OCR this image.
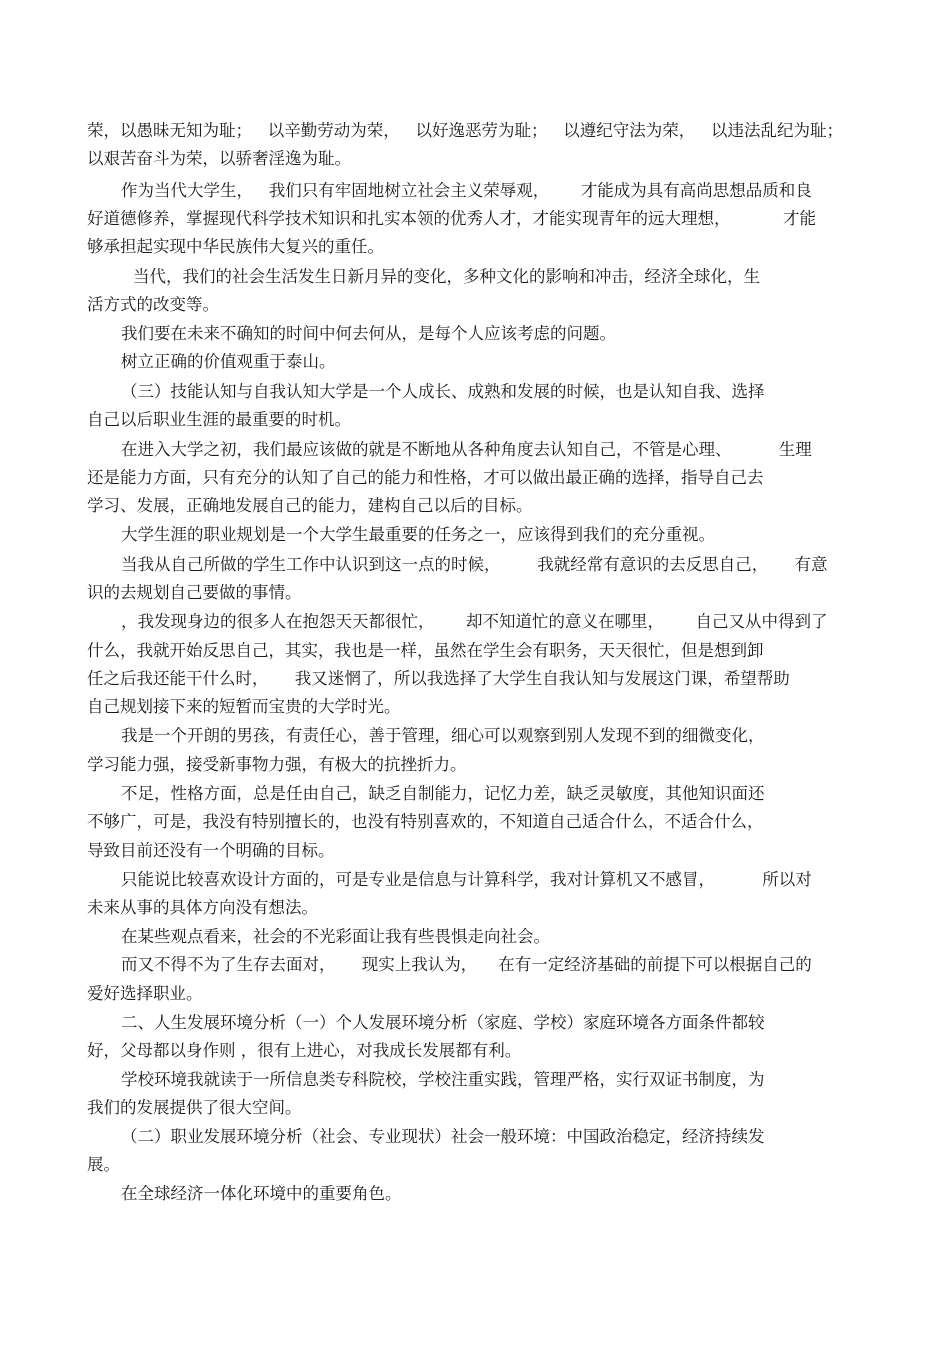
荣，以愚昧无知为耻；   以辛勤劳动为荣，   以好逸恶劳为耻；   以遵纪守法为荣，   以违法乱纪为耻；
以艰苦奋斗为荣，以骄奢淫逸为耻。
作为当代大学生，   我们只有牢固地树立社会主义荣辱观，      才能成为具有高尚思想品质和良
好道德修养，掌握现代科学技术知识和扎实本领的优秀人才，才能实现青年的远大理想，          才能
够承担起实现中华民族伟大复兴的重任。
当代，我们的社会生活发生日新月异的变化，多种文化的影响和冲击，经济全球化，生
活方式的改变等。
我们要在未来不确知的时间中何去何从，是每个人应该考虑的问题。
树立正确的价值观重于泰山。
（三）技能认知与自我认知大学是一个人成长、成熟和发展的时候，也是认知自我、选择
自己以后职业生涯的最重要的时机。
在进入大学之初，我们最应该做的就是不断地从各种角度去认知自己，不管是心理、         生理
还是能力方面，只有充分的认知了自己的能力和性格，才可以做出最正确的选择，指导自己去
学习、发展，正确地发展自己的能力，建构自己以后的目标。
大学生涯的职业规划是一个大学生最重要的任务之一，应该得到我们的充分重视。
当我从自己所做的学生工作中认识到这一点的时候，       我就经常有意识的去反思自己，     有意
识的去规划自己要做的事情。
，我发现身边的很多人在抱怨天天都很忙，      却不知道忙的意义在哪里，      自己又从中得到了
什么，我就开始反思自己，其实，我也是一样，虽然在学生会有职务，天天很忙，但是想到卸
任之后我还能干什么时，     我又迷惘了，所以我选择了大学生自我认知与发展这门课，希望帮助
自己规划接下来的短暂而宝贵的大学时光。
我是一个开朗的男孩，有责任心，善于管理，细心可以观察到别人发现不到的细微变化，
学习能力强，接受新事物力强，有极大的抗挫折力。
不足，性格方面，总是任由自己，缺乏自制能力，记忆力差，缺乏灵敏度，其他知识面还
不够广，可是，我没有特别擅长的，也没有特别喜欢的，不知道自己适合什么，不适合什么，
导致目前还没有一个明确的目标。
只能说比较喜欢设计方面的，可是专业是信息与计算科学，我对计算机又不感冒，         所以对
未来从事的具体方向没有想法。
在某些观点看来，社会的不光彩面让我有些畏惧走向社会。
而又不得不为了生存去面对，     现实上我认为，    在有一定经济基础的前提下可以根据自己的
爱好选择职业。
二、人生发展环境分析（一）个人发展环境分析（家庭、学校）家庭环境各方面条件都较
好，父母都以身作则 ，很有上进心，对我成长发展都有利。
学校环境我就读于一所信息类专科院校，学校注重实践，管理严格，实行双证书制度，为
我们的发展提供了很大空间。
（二）职业发展环境分析（社会、专业现状）社会一般环境：中国政治稳定，经济持续发
展。
在全球经济一体化环境中的重要角色。
